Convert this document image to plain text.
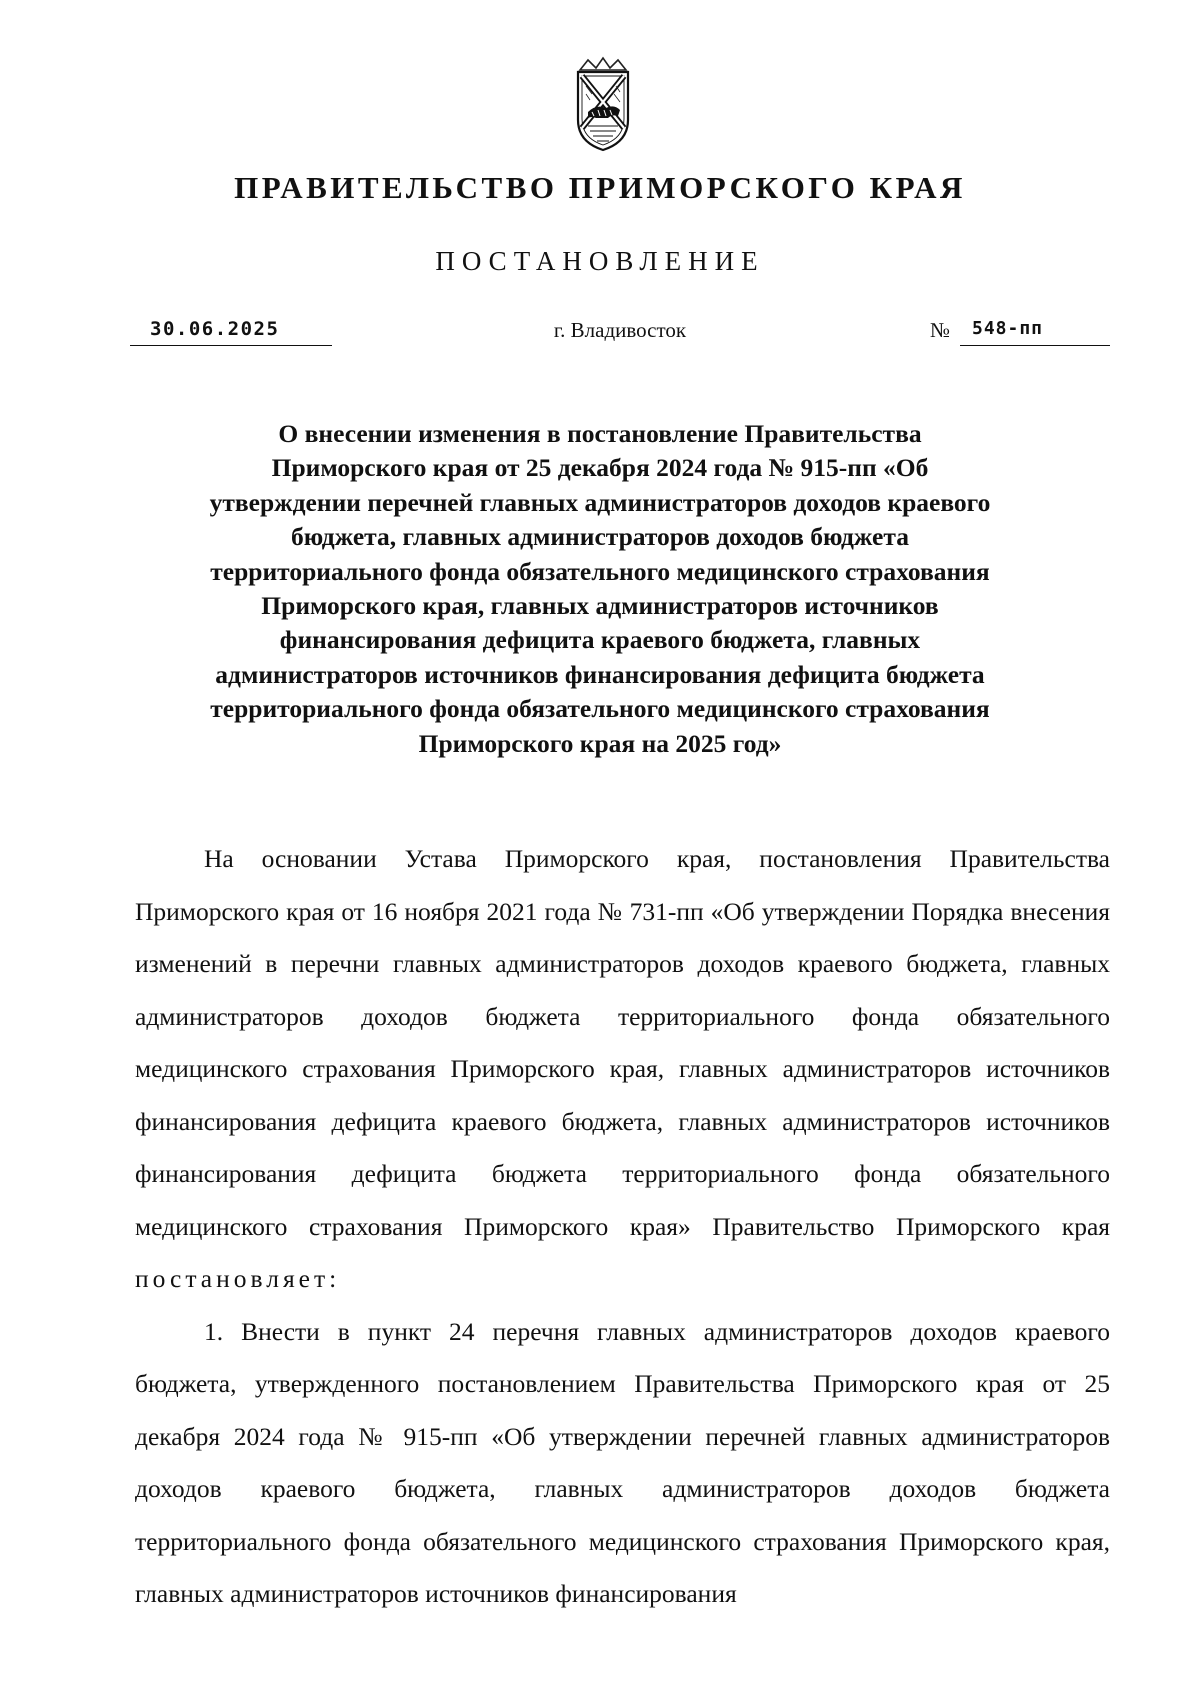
ПРАВИТЕЛЬСТВО ПРИМОРСКОГО КРАЯ
ПОСТАНОВЛЕНИЕ
30.06.2025	г. Владивосток	№	548-пп
О внесении изменения в постановление Правительства Приморского края от 25 декабря 2024 года № 915-пп «Об утверждении перечней главных администраторов доходов краевого бюджета, главных администраторов доходов бюджета территориального фонда обязательного медицинского страхования Приморского края, главных администраторов источников финансирования дефицита краевого бюджета, главных администраторов источников финансирования дефицита бюджета территориального фонда обязательного медицинского страхования Приморского края на 2025 год»

На основании Устава Приморского края, постановления Правительства Приморского края от 16 ноября 2021 года № 731-пп «Об утверждении Порядка внесения изменений в перечни главных администраторов доходов краевого бюджета, главных администраторов доходов бюджета территориального фонда обязательного медицинского страхования Приморского края, главных администраторов источников финансирования дефицита краевого бюджета, главных администраторов источников финансирования дефицита бюджета территориального фонда обязательного медицинского страхования Приморского края» Правительство Приморского края постановляет:

1. Внести в пункт 24 перечня главных администраторов доходов краевого бюджета, утвержденного постановлением Правительства Приморского края от 25 декабря 2024 года № 915-пп «Об утверждении перечней главных администраторов доходов краевого бюджета, главных администраторов доходов бюджета территориального фонда обязательного медицинского страхования Приморского края, главных администраторов источников финансирования
